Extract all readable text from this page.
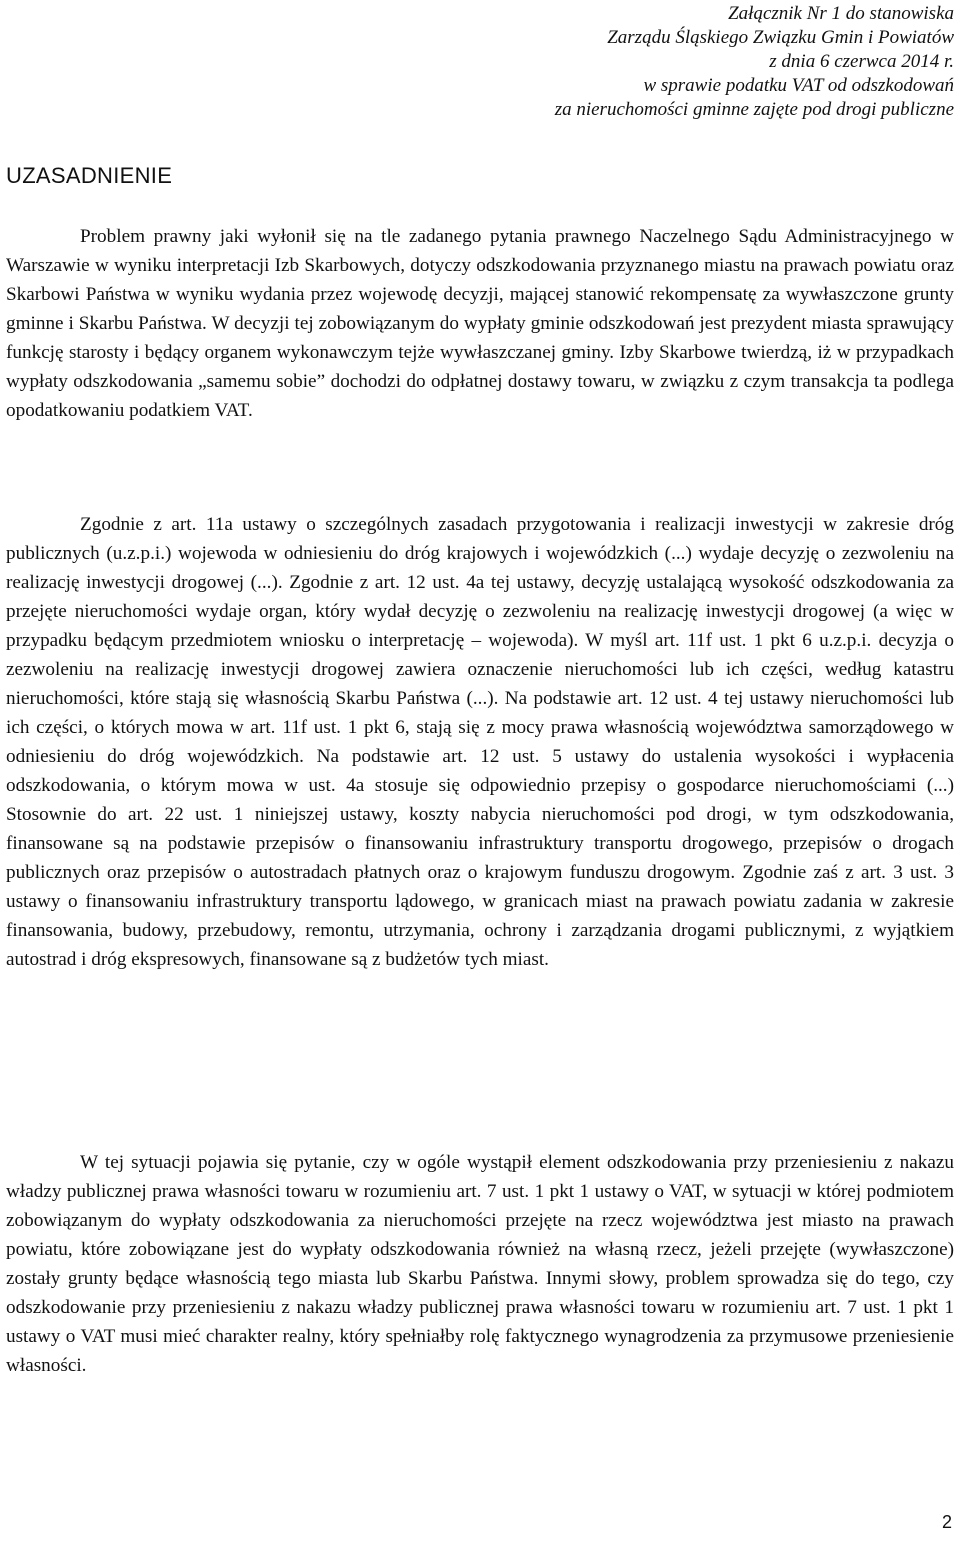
Załącznik Nr 1 do stanowiska
Zarządu Śląskiego Związku Gmin i Powiatów
z dnia 6 czerwca 2014 r.
w sprawie podatku VAT od odszkodowań
za nieruchomości gminne zajęte pod drogi publiczne
UZASADNIENIE

Problem prawny jaki wyłonił się na tle zadanego pytania prawnego Naczelnego Sądu Administracyjnego w Warszawie w wyniku interpretacji Izb Skarbowych, dotyczy odszkodowania przyznanego miastu na prawach powiatu oraz Skarbowi Państwa w wyniku wydania przez wojewodę decyzji, mającej stanowić rekompensatę za wywłaszczone grunty gminne i Skarbu Państwa. W decyzji tej zobowiązanym do wypłaty gminie odszkodowań jest prezydent miasta sprawujący funkcję starosty i będący organem wykonawczym tejże wywłaszczanej gminy. Izby Skarbowe twierdzą, iż w przypadkach wypłaty odszkodowania „samemu sobie” dochodzi do odpłatnej dostawy towaru, w związku z czym transakcja ta podlega opodatkowaniu podatkiem VAT.

Zgodnie z art. 11a ustawy o szczególnych zasadach przygotowania i realizacji inwestycji w zakresie dróg publicznych (u.z.p.i.) wojewoda w odniesieniu do dróg krajowych i wojewódzkich (...) wydaje decyzję o zezwoleniu na realizację inwestycji drogowej (...). Zgodnie z art. 12 ust. 4a tej ustawy, decyzję ustalającą wysokość odszkodowania za przejęte nieruchomości wydaje organ, który wydał decyzję o zezwoleniu na realizację inwestycji drogowej (a więc w przypadku będącym przedmiotem wniosku o interpretację – wojewoda). W myśl art. 11f ust. 1 pkt 6 u.z.p.i. decyzja o zezwoleniu na realizację inwestycji drogowej zawiera oznaczenie nieruchomości lub ich części, według katastru nieruchomości, które stają się własnością Skarbu Państwa (...). Na podstawie art. 12 ust. 4 tej ustawy nieruchomości lub ich części, o których mowa w art. 11f ust. 1 pkt 6, stają się z mocy prawa własnością województwa samorządowego w odniesieniu do dróg wojewódzkich. Na podstawie art. 12 ust. 5 ustawy do ustalenia wysokości i wypłacenia odszkodowania, o którym mowa w ust. 4a stosuje się odpowiednio przepisy o gospodarce nieruchomościami (...) Stosownie do art. 22 ust. 1 niniejszej ustawy, koszty nabycia nieruchomości pod drogi, w tym odszkodowania, finansowane są na podstawie przepisów o finansowaniu infrastruktury transportu drogowego, przepisów o drogach publicznych oraz przepisów o autostradach płatnych oraz o krajowym funduszu drogowym. Zgodnie zaś z art. 3 ust. 3 ustawy o finansowaniu infrastruktury transportu lądowego, w granicach miast na prawach powiatu zadania w zakresie finansowania, budowy, przebudowy, remontu, utrzymania, ochrony i zarządzania drogami publicznymi, z wyjątkiem autostrad i dróg ekspresowych, finansowane są z budżetów tych miast.

W tej sytuacji pojawia się pytanie, czy w ogóle wystąpił element odszkodowania przy przeniesieniu z nakazu władzy publicznej prawa własności towaru w rozumieniu art. 7 ust. 1 pkt 1 ustawy o VAT, w sytuacji w której podmiotem zobowiązanym do wypłaty odszkodowania za nieruchomości przejęte na rzecz województwa jest miasto na prawach powiatu, które zobowiązane jest do wypłaty odszkodowania również na własną rzecz, jeżeli przejęte (wywłaszczone) zostały grunty będące własnością tego miasta lub Skarbu Państwa. Innymi słowy, problem sprowadza się do tego, czy odszkodowanie przy przeniesieniu z nakazu władzy publicznej prawa własności towaru w rozumieniu art. 7 ust. 1 pkt 1 ustawy o VAT musi mieć charakter realny, który spełniałby rolę faktycznego wynagrodzenia za przymusowe przeniesienie własności.

2
